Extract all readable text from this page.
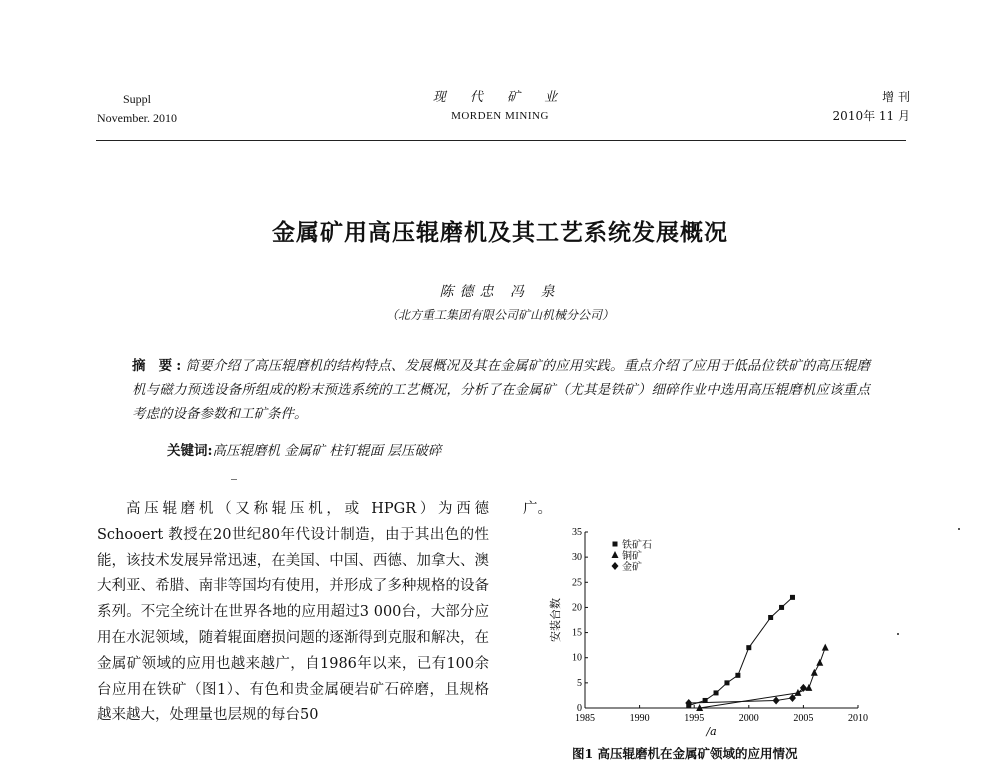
Suppl
November. 2010
现 代 矿 业
MORDEN MINING
增 刊
2010年 11 月
金属矿用高压辊磨机及其工艺系统发展概况
陈德忠 冯 泉
（北方重工集团有限公司矿山机械分公司）
摘 要:简要介绍了高压辊磨机的结构特点、发展概况及其在金属矿的应用实践。重点介绍了应用于低品位铁矿的高压辊磨机与磁力预选设备所组成的粉末预选系统的工艺概况，分析了在金属矿（尤其是铁矿）细碎作业中选用高压辊磨机应该重点考虑的设备参数和工矿条件。
关键词:高压辊磨机 金属矿 柱钉辊面 层压破碎

高压辊磨机（又称辊压机，或 HPGR）为西德 Schooert 教授在20世纪80年代设计制造，由于其出色的性能，该技术发展异常迅速，在美国、中国、西德、加拿大、澳大利亚、希腊、南非等国均有使用，并形成了多种规格的设备系列。不完全统计在世界各地的应用超过3 000台，大部分应用在水泥领域，随着辊面磨损问题的逐渐得到克服和解决，在金属矿领域的应用也越来越广，自1986年以来，已有100余台应用在铁矿（图1）、有色和贵金属硬岩矿石碎磨，且规格越来越大，处理量也层规的每台50

广。
1985	1990	1995	2000	2005	2010
0
5
10
15
20
25
30
35
铁矿石
铜矿
金矿
安装台数
/a
图1 高压辊磨机在金属矿领域的应用情况
